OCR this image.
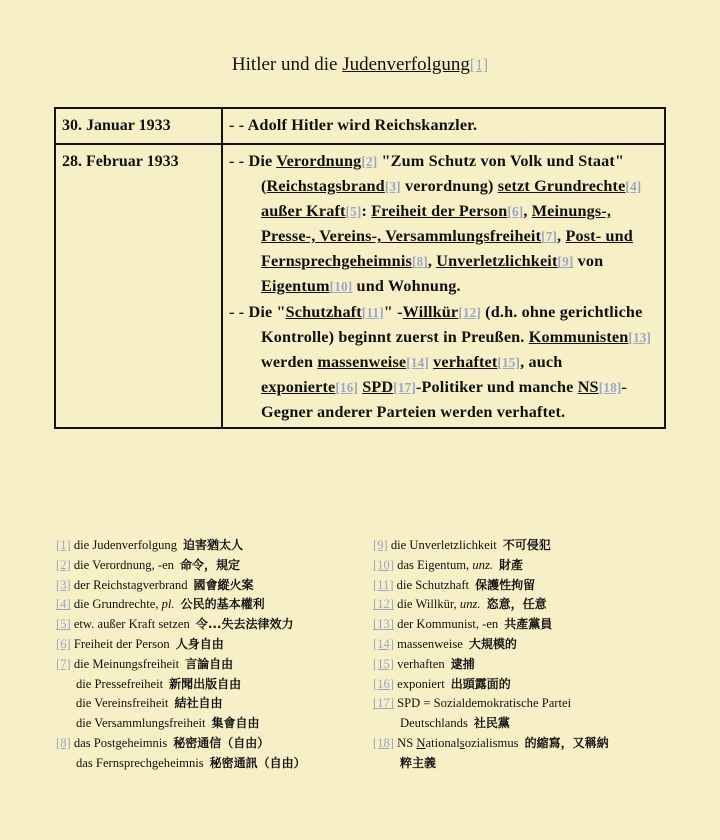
Hitler und die Judenverfolgung[1]
30. Januar 1933	- - Adolf Hitler wird Reichskanzler.

28. Februar 1933	- - Die Verordnung[2] "Zum Schutz von Volk und Staat" (Reichstagsbrand[3] verordnung) setzt Grundrechte[4] außer Kraft[5]: Freiheit der Person[6], Meinungs-, Presse-, Vereins-, Versammlungsfreiheit[7], Post- und Fernsprechgeheimnis[8], Unverletzlichkeit[9] von Eigentum[10] und Wohnung.
- - Die "Schutzhaft[11]" -Willkür[12] (d.h. ohne gerichtliche Kontrolle) beginnt zuerst in Preußen. Kommunisten[13] werden massenweise[14] verhaftet[15], auch exponierte[16] SPD[17]-Politiker und manche NS[18]-Gegner anderer Parteien werden verhaftet.
[1] die Judenverfolgung 迫害猶太人
[2] die Verordnung, -en 命令，規定
[3] der Reichstagverbrand 國會縱火案
[4] die Grundrechte, pl. 公民的基本權利
[5] etw. außer Kraft setzen 令...失去法律效力
[6] Freiheit der Person 人身自由
[7] die Meinungsfreiheit 言論自由
die Pressefreiheit 新聞出版自由
die Vereinsfreiheit 結社自由
die Versammlungsfreiheit 集會自由
[8] das Postgeheimnis 秘密通信（自由）
das Fernsprechgeheimnis 秘密通訊（自由）
[9] die Unverletzlichkeit 不可侵犯
[10] das Eigentum, unz. 財產
[11] die Schutzhaft 保護性拘留
[12] die Willkür, unz. 恣意，任意
[13] der Kommunist, -en 共產黨員
[14] massenweise 大規模的
[15] verhaften 逮捕
[16] exponiert 出頭露面的
[17] SPD = Sozialdemokratische Partei
Deutschlands 社民黨
[18] NS Nationalsozialismus 的縮寫，又稱納
粹主義
